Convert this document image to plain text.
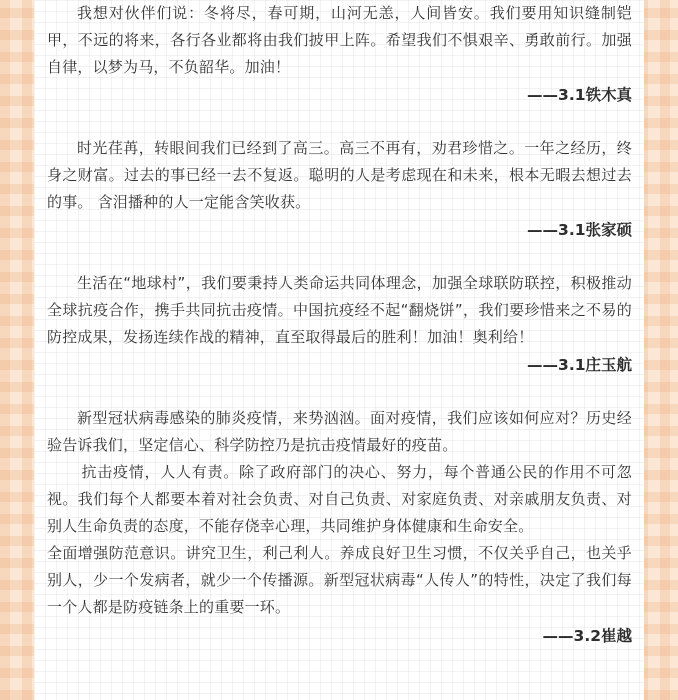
我想对伙伴们说：冬将尽，春可期，山河无恙，人间皆安。我们要用知识缝制铠甲，不远的将来，各行各业都将由我们披甲上阵。希望我们不惧艰辛、勇敢前行。加强自律，以梦为马，不负韶华。加油！

——3.1铁木真

时光荏苒，转眼间我们已经到了高三。高三不再有，劝君珍惜之。一年之经历，终身之财富。过去的事已经一去不复返。聪明的人是考虑现在和未来，根本无暇去想过去的事。 含泪播种的人一定能含笑收获。

——3.1张家硕

生活在“地球村”，我们要秉持人类命运共同体理念，加强全球联防联控，积极推动全球抗疫合作，携手共同抗击疫情。中国抗疫经不起“翻烧饼”，我们要珍惜来之不易的防控成果，发扬连续作战的精神，直至取得最后的胜利！加油！奥利给！

——3.1庄玉航

新型冠状病毒感染的肺炎疫情，来势汹汹。面对疫情，我们应该如何应对？历史经验告诉我们，坚定信心、科学防控乃是抗击疫情最好的疫苗。

抗击疫情，人人有责。除了政府部门的决心、努力，每个普通公民的作用不可忽视。我们每个人都要本着对社会负责、对自己负责、对家庭负责、对亲戚朋友负责、对别人生命负责的态度，不能存侥幸心理，共同维护身体健康和生命安全。

全面增强防范意识。讲究卫生，利己利人。养成良好卫生习惯，不仅关乎自己，也关乎别人，少一个发病者，就少一个传播源。新型冠状病毒“人传人”的特性，决定了我们每一个人都是防疫链条上的重要一环。

——3.2崔越
